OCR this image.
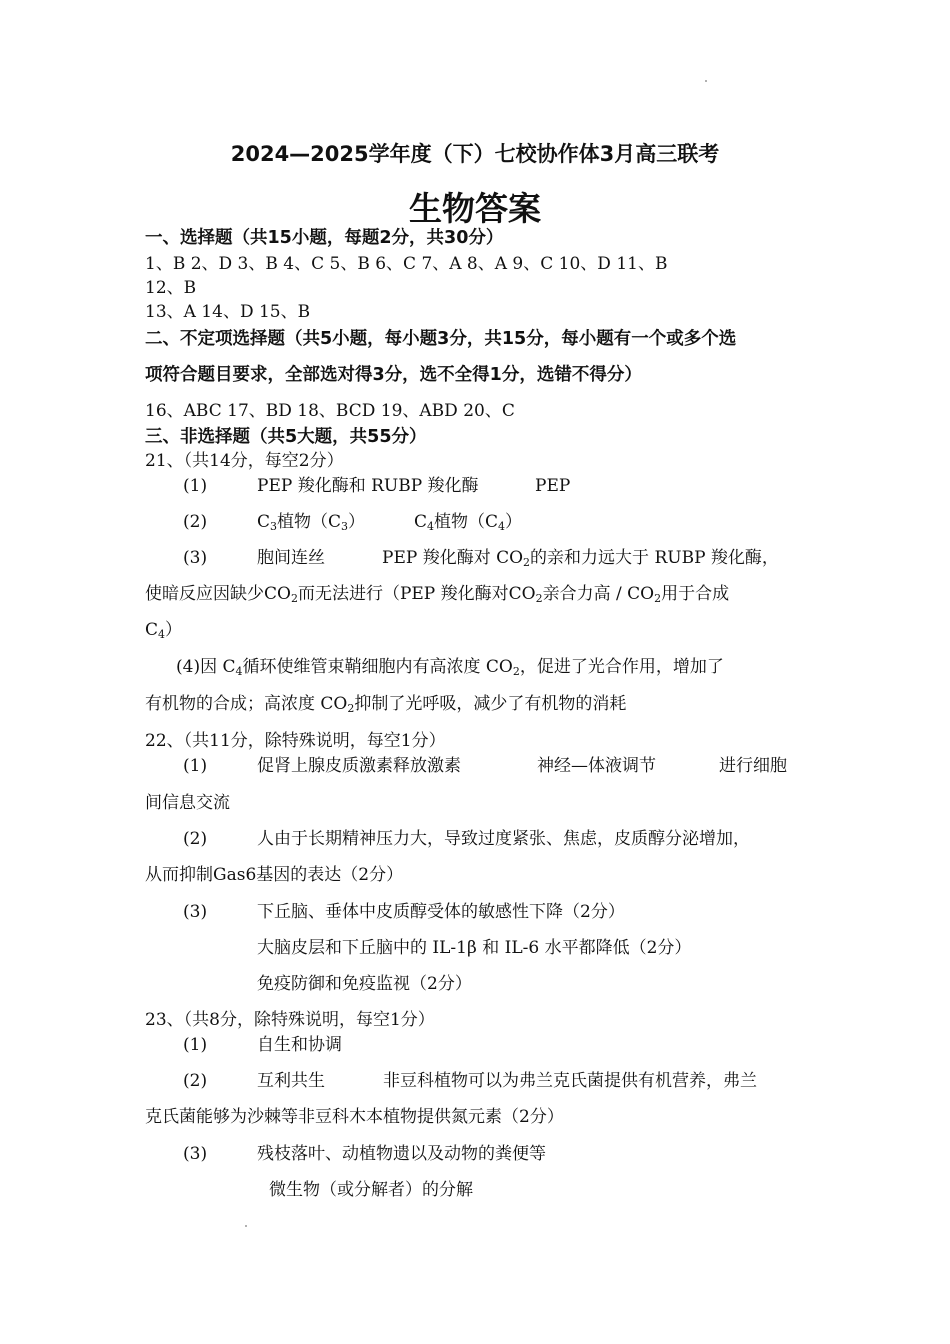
2024—2025学年度（下）七校协作体3月高三联考
生物答案
一、选择题（共15小题，每题2分，共30分）
1、B 2、D 3、B 4、C 5、B 6、C 7、A 8、A 9、C 10、D 11、B
12、B
13、A 14、D 15、B
二、不定项选择题（共5小题，每小题3分，共15分，每小题有一个或多个选
项符合题目要求，全部选对得3分，选不全得1分，选错不得分）
16、ABC 17、BD 18、BCD 19、ABD 20、C
三、非选择题（共5大题，共55分）
21、（共14分，每空2分）
(1)	PEP 羧化酶和 RUBP 羧化酶	PEP
(2)	$C_3$植物$(C_3)$	$C_4$植物$(C_4)$
(3)	胞间连丝	PEP 羧化酶对 $CO_2$的亲和力远大于 RUBP 羧化酶，
使暗反应因缺少$CO_2$而无法进行（PEP 羧化酶对$CO_2$亲合力高 / $CO_2$用于合成
$C_4$）
(4)因 $C_4$循环使维管束鞘细胞内有高浓度 $CO_2$，促进了光合作用，增加了
有机物的合成；高浓度 $CO_2$抑制了光呼吸，减少了有机物的消耗
22、（共11分，除特殊说明，每空1分）
(1)	促肾上腺皮质激素释放激素	神经—体液调节	进行细胞
间信息交流
(2)	人由于长期精神压力大，导致过度紧张、焦虑，皮质醇分泌增加，
从而抑制Gas6基因的表达（2分）
(3)	下丘脑、垂体中皮质醇受体的敏感性下降（2分）
大脑皮层和下丘脑中的 IL-1β 和 IL-6 水平都降低（2分）
免疫防御和免疫监视（2分）
23、（共8分，除特殊说明，每空1分）
(1)	自生和协调
(2)	互利共生	非豆科植物可以为弗兰克氏菌提供有机营养，弗兰
克氏菌能够为沙棘等非豆科木本植物提供氮元素（2分）
(3)	残枝落叶、动植物遗以及动物的粪便等
微生物（或分解者）的分解
